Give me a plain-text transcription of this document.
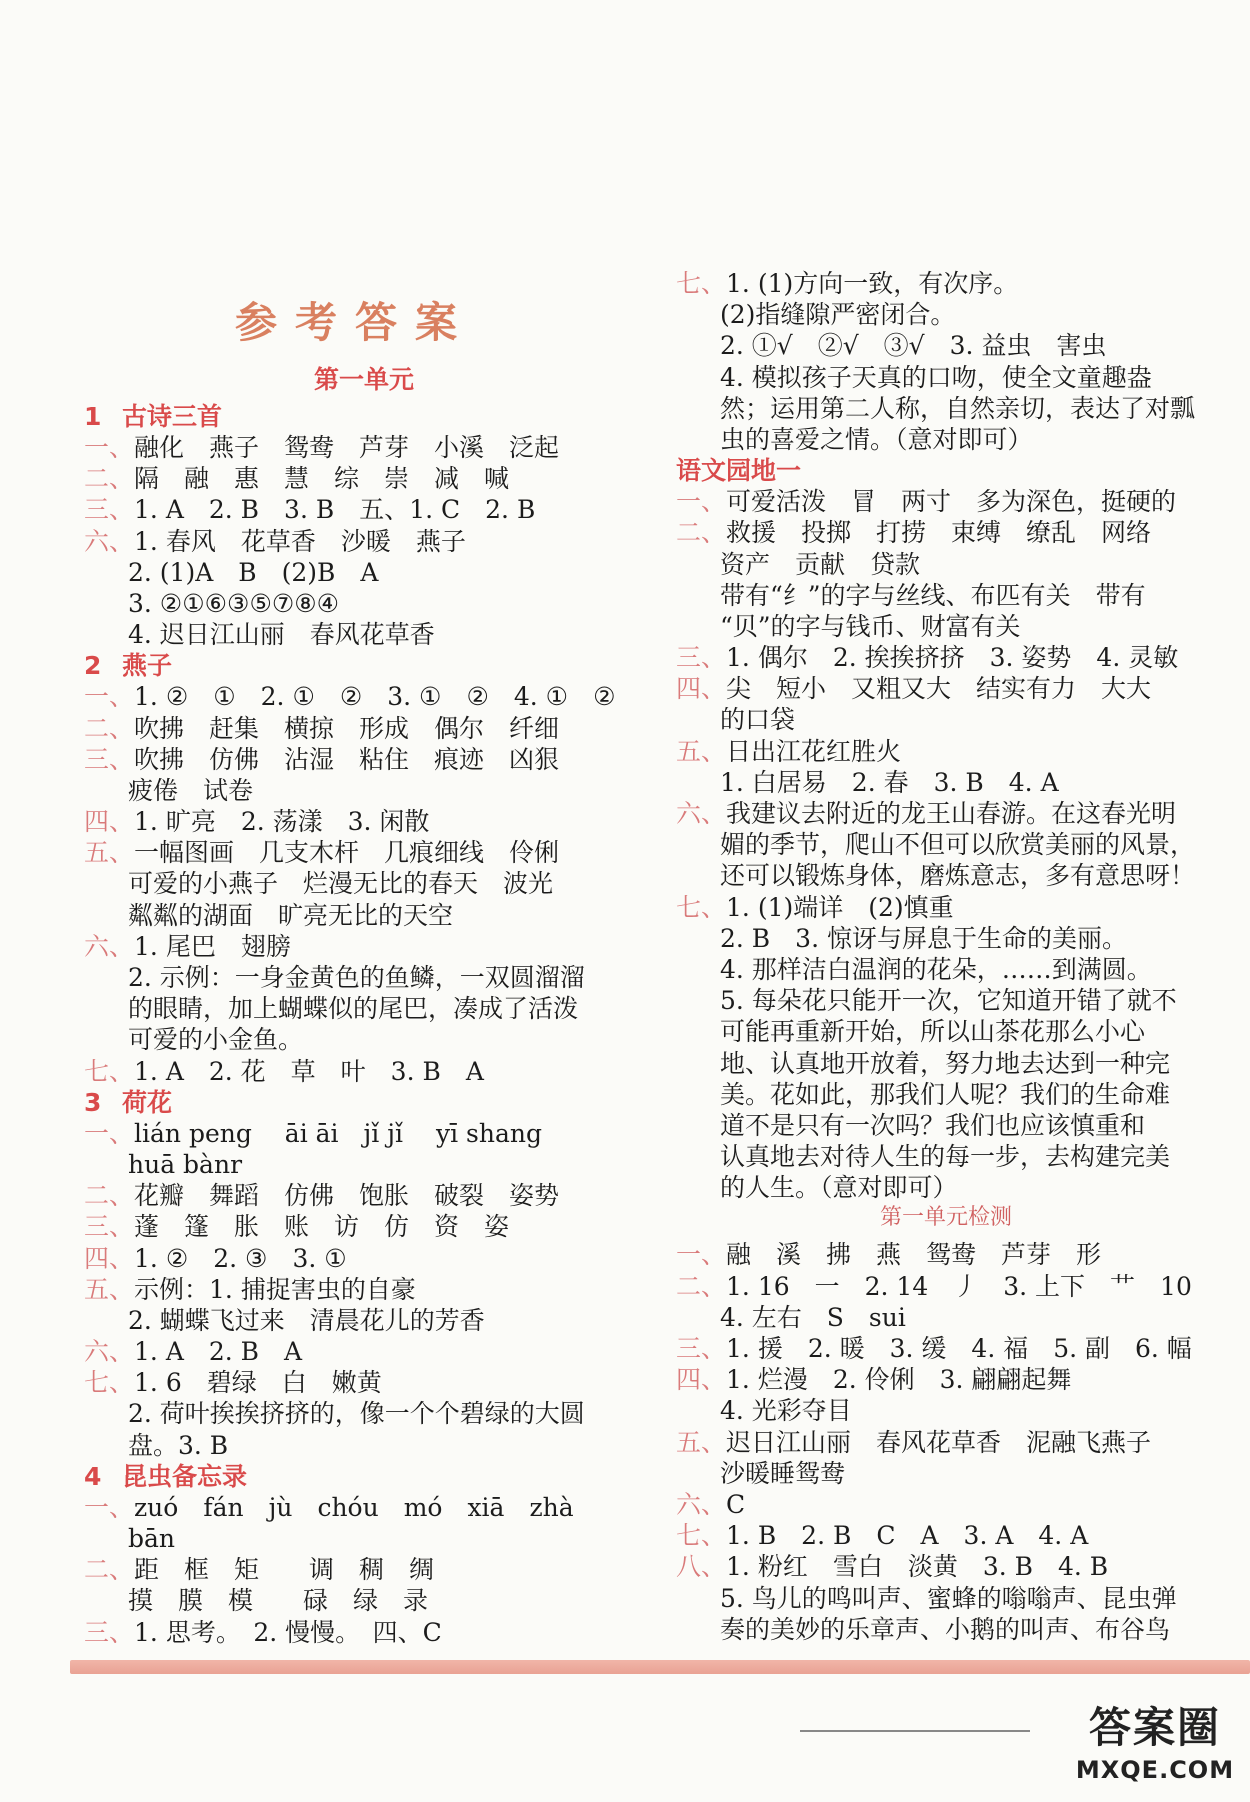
参考答案
第一单元
1 古诗三首
一、融化　燕子　鸳鸯　芦芽　小溪　泛起
二、隔　融　惠　慧　综　崇　减　喊
三、1. A　2. B　3. B　五、1. C　2. B
六、1. 春风　花草香　沙暖　燕子
2. (1)A　B　(2)B　A
3. ②①⑥③⑤⑦⑧④
4. 迟日江山丽　春风花草香
2 燕子
一、1. ②　①　2. ①　②　3. ①　②　4. ①　②
二、吹拂　赶集　横掠　形成　偶尔　纤细
三、吹拂　仿佛　沾湿　粘住　痕迹　凶狠
疲倦　试卷
四、1. 旷亮　2. 荡漾　3. 闲散
五、一幅图画　几支木杆　几痕细线　伶俐
可爱的小燕子　烂漫无比的春天　波光
粼粼的湖面　旷亮无比的天空
六、1. 尾巴　翅膀
2. 示例：一身金黄色的鱼鳞，一双圆溜溜
的眼睛，加上蝴蝶似的尾巴，凑成了活泼
可爱的小金鱼。
七、1. A　2. 花　草　叶　3. B　A
3 荷花
一、lián peng　 āi āi　jǐ jǐ　 yī shang
huā bànr
二、花瓣　舞蹈　仿佛　饱胀　破裂　姿势
三、蓬　篷　胀　账　访　仿　资　姿
四、1. ②　2. ③　3. ①
五、示例：1. 捕捉害虫的自豪
2. 蝴蝶飞过来　清晨花儿的芳香
六、1. A　2. B　A
七、1. 6　碧绿　白　嫩黄
2. 荷叶挨挨挤挤的，像一个个碧绿的大圆
盘。3. B
4 昆虫备忘录
一、zuó　fán　jù　chóu　mó　xiā　zhà
bān
二、距　框　矩　　调　稠　绸
摸　膜　模　　碌　绿　录
三、1. 思考。　2. 慢慢。　四、C
七、1. (1)方向一致，有次序。
(2)指缝隙严密闭合。
2. ①√　②√　③√　3. 益虫　害虫
4. 模拟孩子天真的口吻，使全文童趣盎
然；运用第二人称，自然亲切，表达了对瓢
虫的喜爱之情。（意对即可）
语文园地一
一、可爱活泼　冒　两寸　多为深色，挺硬的
二、救援　投掷　打捞　束缚　缭乱　网络
资产　贡献　贷款
带有“纟”的字与丝线、布匹有关　带有
“贝”的字与钱币、财富有关
三、1. 偶尔　2. 挨挨挤挤　3. 姿势　4. 灵敏
四、尖　短小　又粗又大　结实有力　大大
的口袋
五、日出江花红胜火
1. 白居易　2. 春　3. B　4. A
六、我建议去附近的龙王山春游。在这春光明
媚的季节，爬山不但可以欣赏美丽的风景，
还可以锻炼身体，磨炼意志，多有意思呀！
七、1. (1)端详　(2)慎重
2. B　3. 惊讶与屏息于生命的美丽。
4. 那样洁白温润的花朵，……到满圆。
5. 每朵花只能开一次，它知道开错了就不
可能再重新开始，所以山茶花那么小心
地、认真地开放着，努力地去达到一种完
美。花如此，那我们人呢？我们的生命难
道不是只有一次吗？我们也应该慎重和
认真地去对待人生的每一步，去构建完美
的人生。（意对即可）
第一单元检测
一、融　溪　拂　燕　鸳鸯　芦芽　形
二、1. 16　一　2. 14　丿　3. 上下　艹　10
4. 左右　S　sui
三、1. 援　2. 暖　3. 缓　4. 福　5. 副　6. 幅
四、1. 烂漫　2. 伶俐　3. 翩翩起舞
4. 光彩夺目
五、迟日江山丽　春风花草香　泥融飞燕子
沙暖睡鸳鸯
六、C
七、1. B　2. B　C　A　3. A　4. A
八、1. 粉红　雪白　淡黄　3. B　4. B
5. 鸟儿的鸣叫声、蜜蜂的嗡嗡声、昆虫弹
奏的美妙的乐章声、小鹅的叫声、布谷鸟
答案圈
MXQE.COM
